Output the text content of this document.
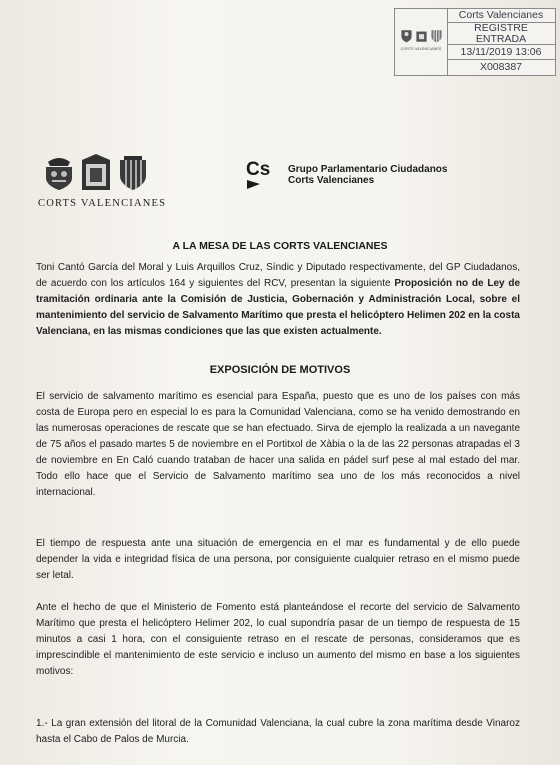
CORTS VALENCIANES
Corts Valencianes
REGISTRE
ENTRADA
13/11/2019 13:06
X008387
CORTS VALENCIANES
Cs Grupo Parlamentario Ciudadanos
Corts Valencianes
A LA MESA DE LAS CORTS VALENCIANES
Toni Cantó García del Moral y Luis Arquillos Cruz, Síndic y Diputado respectivamente, del GP Ciudadanos, de acuerdo con los artículos 164 y siguientes del RCV, presentan la siguiente Proposición no de Ley de tramitación ordinaria ante la Comisión de Justicia, Gobernación y Administración Local, sobre el mantenimiento del servicio de Salvamento Marítimo que presta el helicóptero Helimen 202 en la costa Valenciana, en las mismas condiciones que las que existen actualmente.
EXPOSICIÓN DE MOTIVOS
El servicio de salvamento marítimo es esencial para España, puesto que es uno de los países con más costa de Europa pero en especial lo es para la Comunidad Valenciana, como se ha venido demostrando en las numerosas operaciones de rescate que se han efectuado. Sirva de ejemplo la realizada a un navegante de 75 años el pasado martes 5 de noviembre en el Portitxol de Xàbia o la de las 22 personas atrapadas el 3 de noviembre en En Caló cuando trataban de hacer una salida en pádel surf pese al mal estado del mar. Todo ello hace que el Servicio de Salvamento marítimo sea uno de los más reconocidos a nivel internacional.
El tiempo de respuesta ante una situación de emergencia en el mar es fundamental y de ello puede depender la vida e integridad física de una persona, por consiguiente cualquier retraso en el mismo puede ser letal.
Ante el hecho de que el Ministerio de Fomento está planteándose el recorte del servicio de Salvamento Marítimo que presta el helicóptero Helimer 202, lo cual supondría pasar de un tiempo de respuesta de 15 minutos a casi 1 hora, con el consiguiente retraso en el rescate de personas, consideramos que es imprescindible el mantenimiento de este servicio e incluso un aumento del mismo en base a los siguientes motivos:
1.- La gran extensión del litoral de la Comunidad Valenciana, la cual cubre la zona marítima desde Vinaroz hasta el Cabo de Palos de Murcia.
